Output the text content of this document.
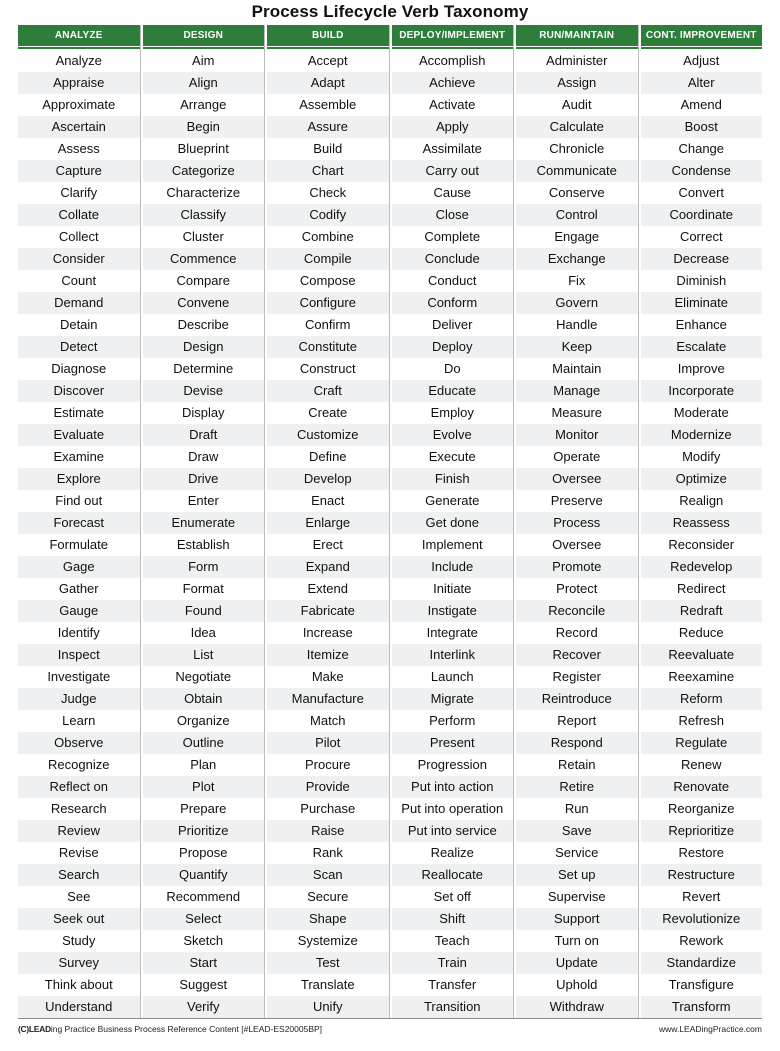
Process Lifecycle Verb Taxonomy
ANALYZE
Analyze
Appraise
Approximate
Ascertain
Assess
Capture
Clarify
Collate
Collect
Consider
Count
Demand
Detain
Detect
Diagnose
Discover
Estimate
Evaluate
Examine
Explore
Find out
Forecast
Formulate
Gage
Gather
Gauge
Identify
Inspect
Investigate
Judge
Learn
Observe
Recognize
Reflect on
Research
Review
Revise
Search
See
Seek out
Study
Survey
Think about
Understand
DESIGN
Aim
Align
Arrange
Begin
Blueprint
Categorize
Characterize
Classify
Cluster
Commence
Compare
Convene
Describe
Design
Determine
Devise
Display
Draft
Draw
Drive
Enter
Enumerate
Establish
Form
Format
Found
Idea
List
Negotiate
Obtain
Organize
Outline
Plan
Plot
Prepare
Prioritize
Propose
Quantify
Recommend
Select
Sketch
Start
Suggest
Verify
BUILD
Accept
Adapt
Assemble
Assure
Build
Chart
Check
Codify
Combine
Compile
Compose
Configure
Confirm
Constitute
Construct
Craft
Create
Customize
Define
Develop
Enact
Enlarge
Erect
Expand
Extend
Fabricate
Increase
Itemize
Make
Manufacture
Match
Pilot
Procure
Provide
Purchase
Raise
Rank
Scan
Secure
Shape
Systemize
Test
Translate
Unify
DEPLOY/IMPLEMENT
Accomplish
Achieve
Activate
Apply
Assimilate
Carry out
Cause
Close
Complete
Conclude
Conduct
Conform
Deliver
Deploy
Do
Educate
Employ
Evolve
Execute
Finish
Generate
Get done
Implement
Include
Initiate
Instigate
Integrate
Interlink
Launch
Migrate
Perform
Present
Progression
Put into action
Put into operation
Put into service
Realize
Reallocate
Set off
Shift
Teach
Train
Transfer
Transition
RUN/MAINTAIN
Administer
Assign
Audit
Calculate
Chronicle
Communicate
Conserve
Control
Engage
Exchange
Fix
Govern
Handle
Keep
Maintain
Manage
Measure
Monitor
Operate
Oversee
Preserve
Process
Oversee
Promote
Protect
Reconcile
Record
Recover
Register
Reintroduce
Report
Respond
Retain
Retire
Run
Save
Service
Set up
Supervise
Support
Turn on
Update
Uphold
Withdraw
CONT. IMPROVEMENT
Adjust
Alter
Amend
Boost
Change
Condense
Convert
Coordinate
Correct
Decrease
Diminish
Eliminate
Enhance
Escalate
Improve
Incorporate
Moderate
Modernize
Modify
Optimize
Realign
Reassess
Reconsider
Redevelop
Redirect
Redraft
Reduce
Reevaluate
Reexamine
Reform
Refresh
Regulate
Renew
Renovate
Reorganize
Reprioritize
Restore
Restructure
Revert
Revolutionize
Rework
Standardize
Transfigure
Transform
(C)LEADing Practice Business Process Reference Content [#LEAD-ES20005BP]	www.LEADingPractice.com
